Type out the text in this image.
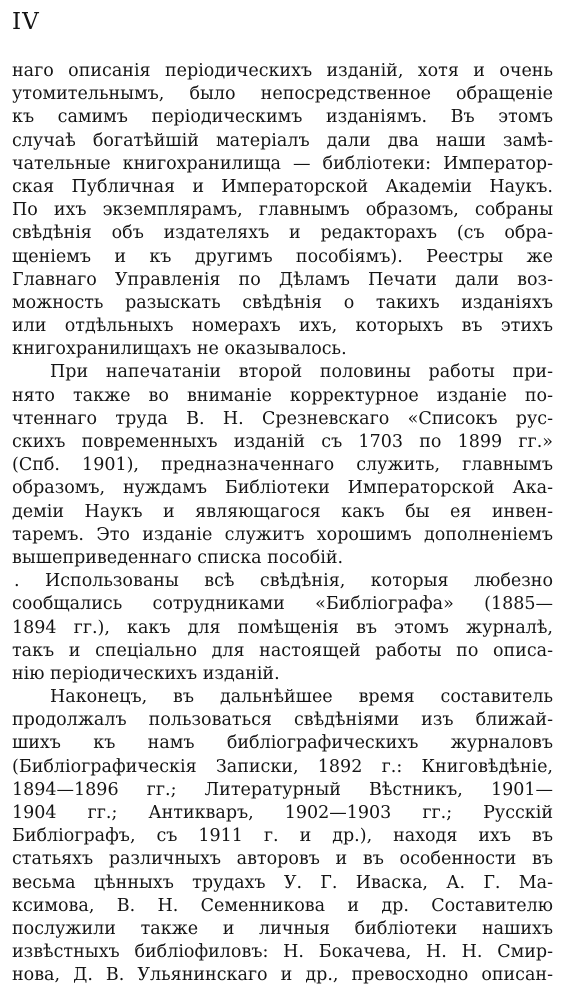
IV
наго описанія періодическихъ изданій, хотя и очень
утомительнымъ, было непосредственное обращеніе
къ самимъ періодическимъ изданіямъ. Въ этомъ
случаѣ богатѣйшій матеріалъ дали два наши замѣ-
чательные книгохранилища — библіотеки: Император-
ская Публичная и Императорской Академіи Наукъ.
По ихъ экземплярамъ, главнымъ образомъ, собраны
свѣдѣнія объ издателяхъ и редакторахъ (съ обра-
щеніемъ и къ другимъ пособіямъ). Реестры же
Главнаго Управленія по Дѣламъ Печати дали воз-
можность разыскать свѣдѣнія о такихъ изданіяхъ
или отдѣльныхъ номерахъ ихъ, которыхъ въ этихъ
книгохранилищахъ не оказывалось.
При напечатаніи второй половины работы при-
нято также во вниманіе корректурное изданіе по-
чтеннаго труда В. Н. Срезневскаго «Списокъ рус-
скихъ повременныхъ изданій съ 1703 по 1899 гг.»
(Спб. 1901), предназначеннаго служить, главнымъ
образомъ, нуждамъ Библіотеки Императорской Ака-
деміи Наукъ и являющагося какъ бы ея инвен-
таремъ. Это изданіе служитъ хорошимъ дополненіемъ
вышеприведеннаго списка пособій.
. Использованы всѣ свѣдѣнія, которыя любезно
сообщались сотрудниками «Библіографа» (1885—
1894 гг.), какъ для помѣщенія въ этомъ журналѣ,
такъ и спеціально для настоящей работы по описа-
нію періодическихъ изданій.
Наконецъ, въ дальнѣйшее время составитель
продолжалъ пользоваться свѣдѣніями изъ ближай-
шихъ къ намъ библіографическихъ журналовъ
(Библіографическія Записки, 1892 г.: Книговѣдѣніе,
1894—1896 гг.; Литературный Вѣстникъ, 1901—
1904 гг.; Антикваръ, 1902—1903 гг.; Русскій
Библіографъ, съ 1911 г. и др.), находя ихъ въ
статьяхъ различныхъ авторовъ и въ особенности въ
весьма цѣнныхъ трудахъ У. Г. Иваска, А. Г. Ма-
ксимова, В. Н. Семенникова и др. Составителю
послужили также и личныя библіотеки нашихъ
извѣстныхъ библіофиловъ: Н. Бокачева, Н. Н. Смир-
нова, Д. В. Ульянинскаго и др., превосходно описан-
